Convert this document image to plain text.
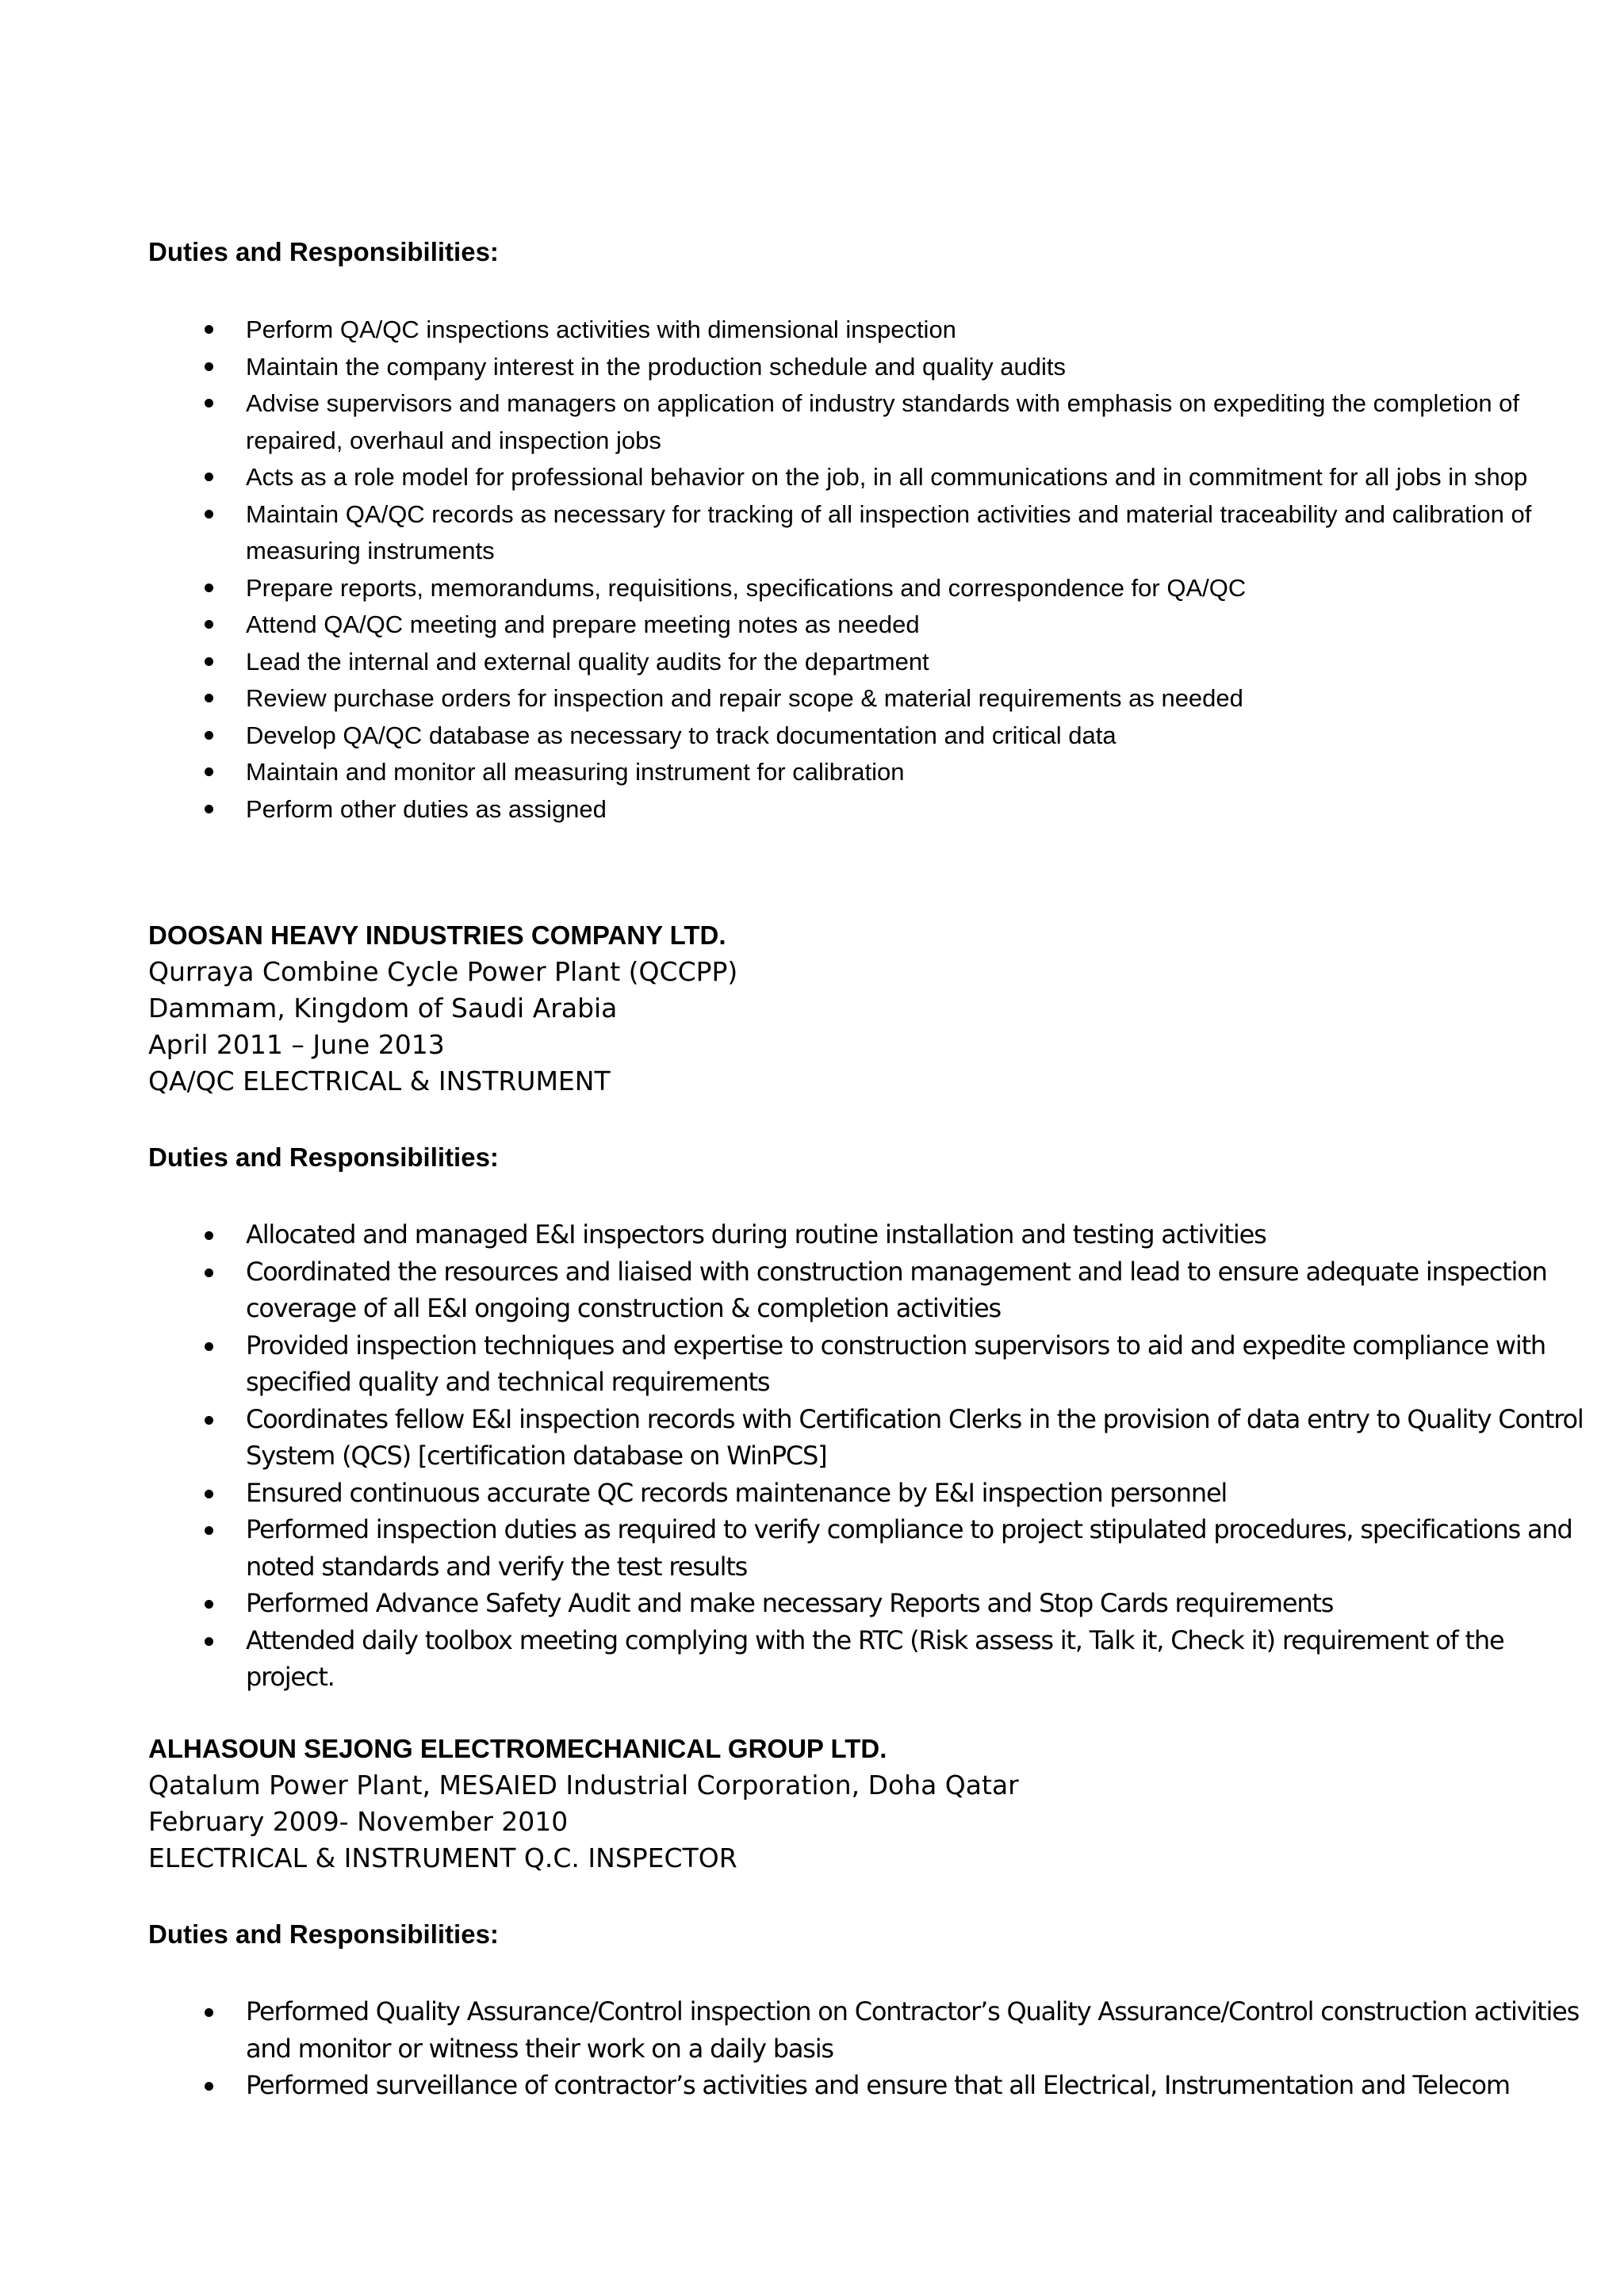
Duties and Responsibilities:
Perform QA/QC inspections activities with dimensional inspection
Maintain the company interest in the production schedule and quality audits
Advise supervisors and managers on application of industry standards with emphasis on expediting the completion of repaired, overhaul and inspection jobs
Acts as a role model for professional behavior on the job, in all communications and in commitment for all jobs in shop
Maintain QA/QC records as necessary for tracking of all inspection activities and material traceability and calibration of measuring instruments
Prepare reports, memorandums, requisitions, specifications and correspondence for QA/QC
Attend QA/QC meeting and prepare meeting notes as needed
Lead the internal and external quality audits for the department
Review purchase orders for inspection and repair scope & material requirements as needed
Develop QA/QC database as necessary to track documentation and critical data
Maintain and monitor all measuring instrument for calibration
Perform other duties as assigned
DOOSAN HEAVY INDUSTRIES COMPANY LTD.
Qurraya Combine Cycle Power Plant (QCCPP)
Dammam, Kingdom of Saudi Arabia
April 2011 – June 2013
QA/QC ELECTRICAL & INSTRUMENT
Duties and Responsibilities:
Allocated and managed E&I inspectors during routine installation and testing activities
Coordinated the resources and liaised with construction management and lead to ensure adequate inspection coverage of all E&I ongoing construction & completion activities
Provided inspection techniques and expertise to construction supervisors to aid and expedite compliance with specified quality and technical requirements
Coordinates fellow E&I inspection records with Certification Clerks in the provision of data entry to Quality Control System (QCS) [certification database on WinPCS]
Ensured continuous accurate QC records maintenance by E&I inspection personnel
Performed inspection duties as required to verify compliance to project stipulated procedures, specifications and noted standards and verify the test results
Performed Advance Safety Audit and make necessary Reports and Stop Cards requirements
Attended daily toolbox meeting complying with the RTC (Risk assess it, Talk it, Check it) requirement of the project.
ALHASOUN SEJONG ELECTROMECHANICAL GROUP LTD.
Qatalum Power Plant, MESAIED Industrial Corporation, Doha Qatar
February 2009- November 2010
ELECTRICAL & INSTRUMENT Q.C. INSPECTOR
Duties and Responsibilities:
Performed Quality Assurance/Control inspection on Contractor’s Quality Assurance/Control construction activities and monitor or witness their work on a daily basis
Performed surveillance of contractor’s activities and ensure that all Electrical, Instrumentation and Telecom
